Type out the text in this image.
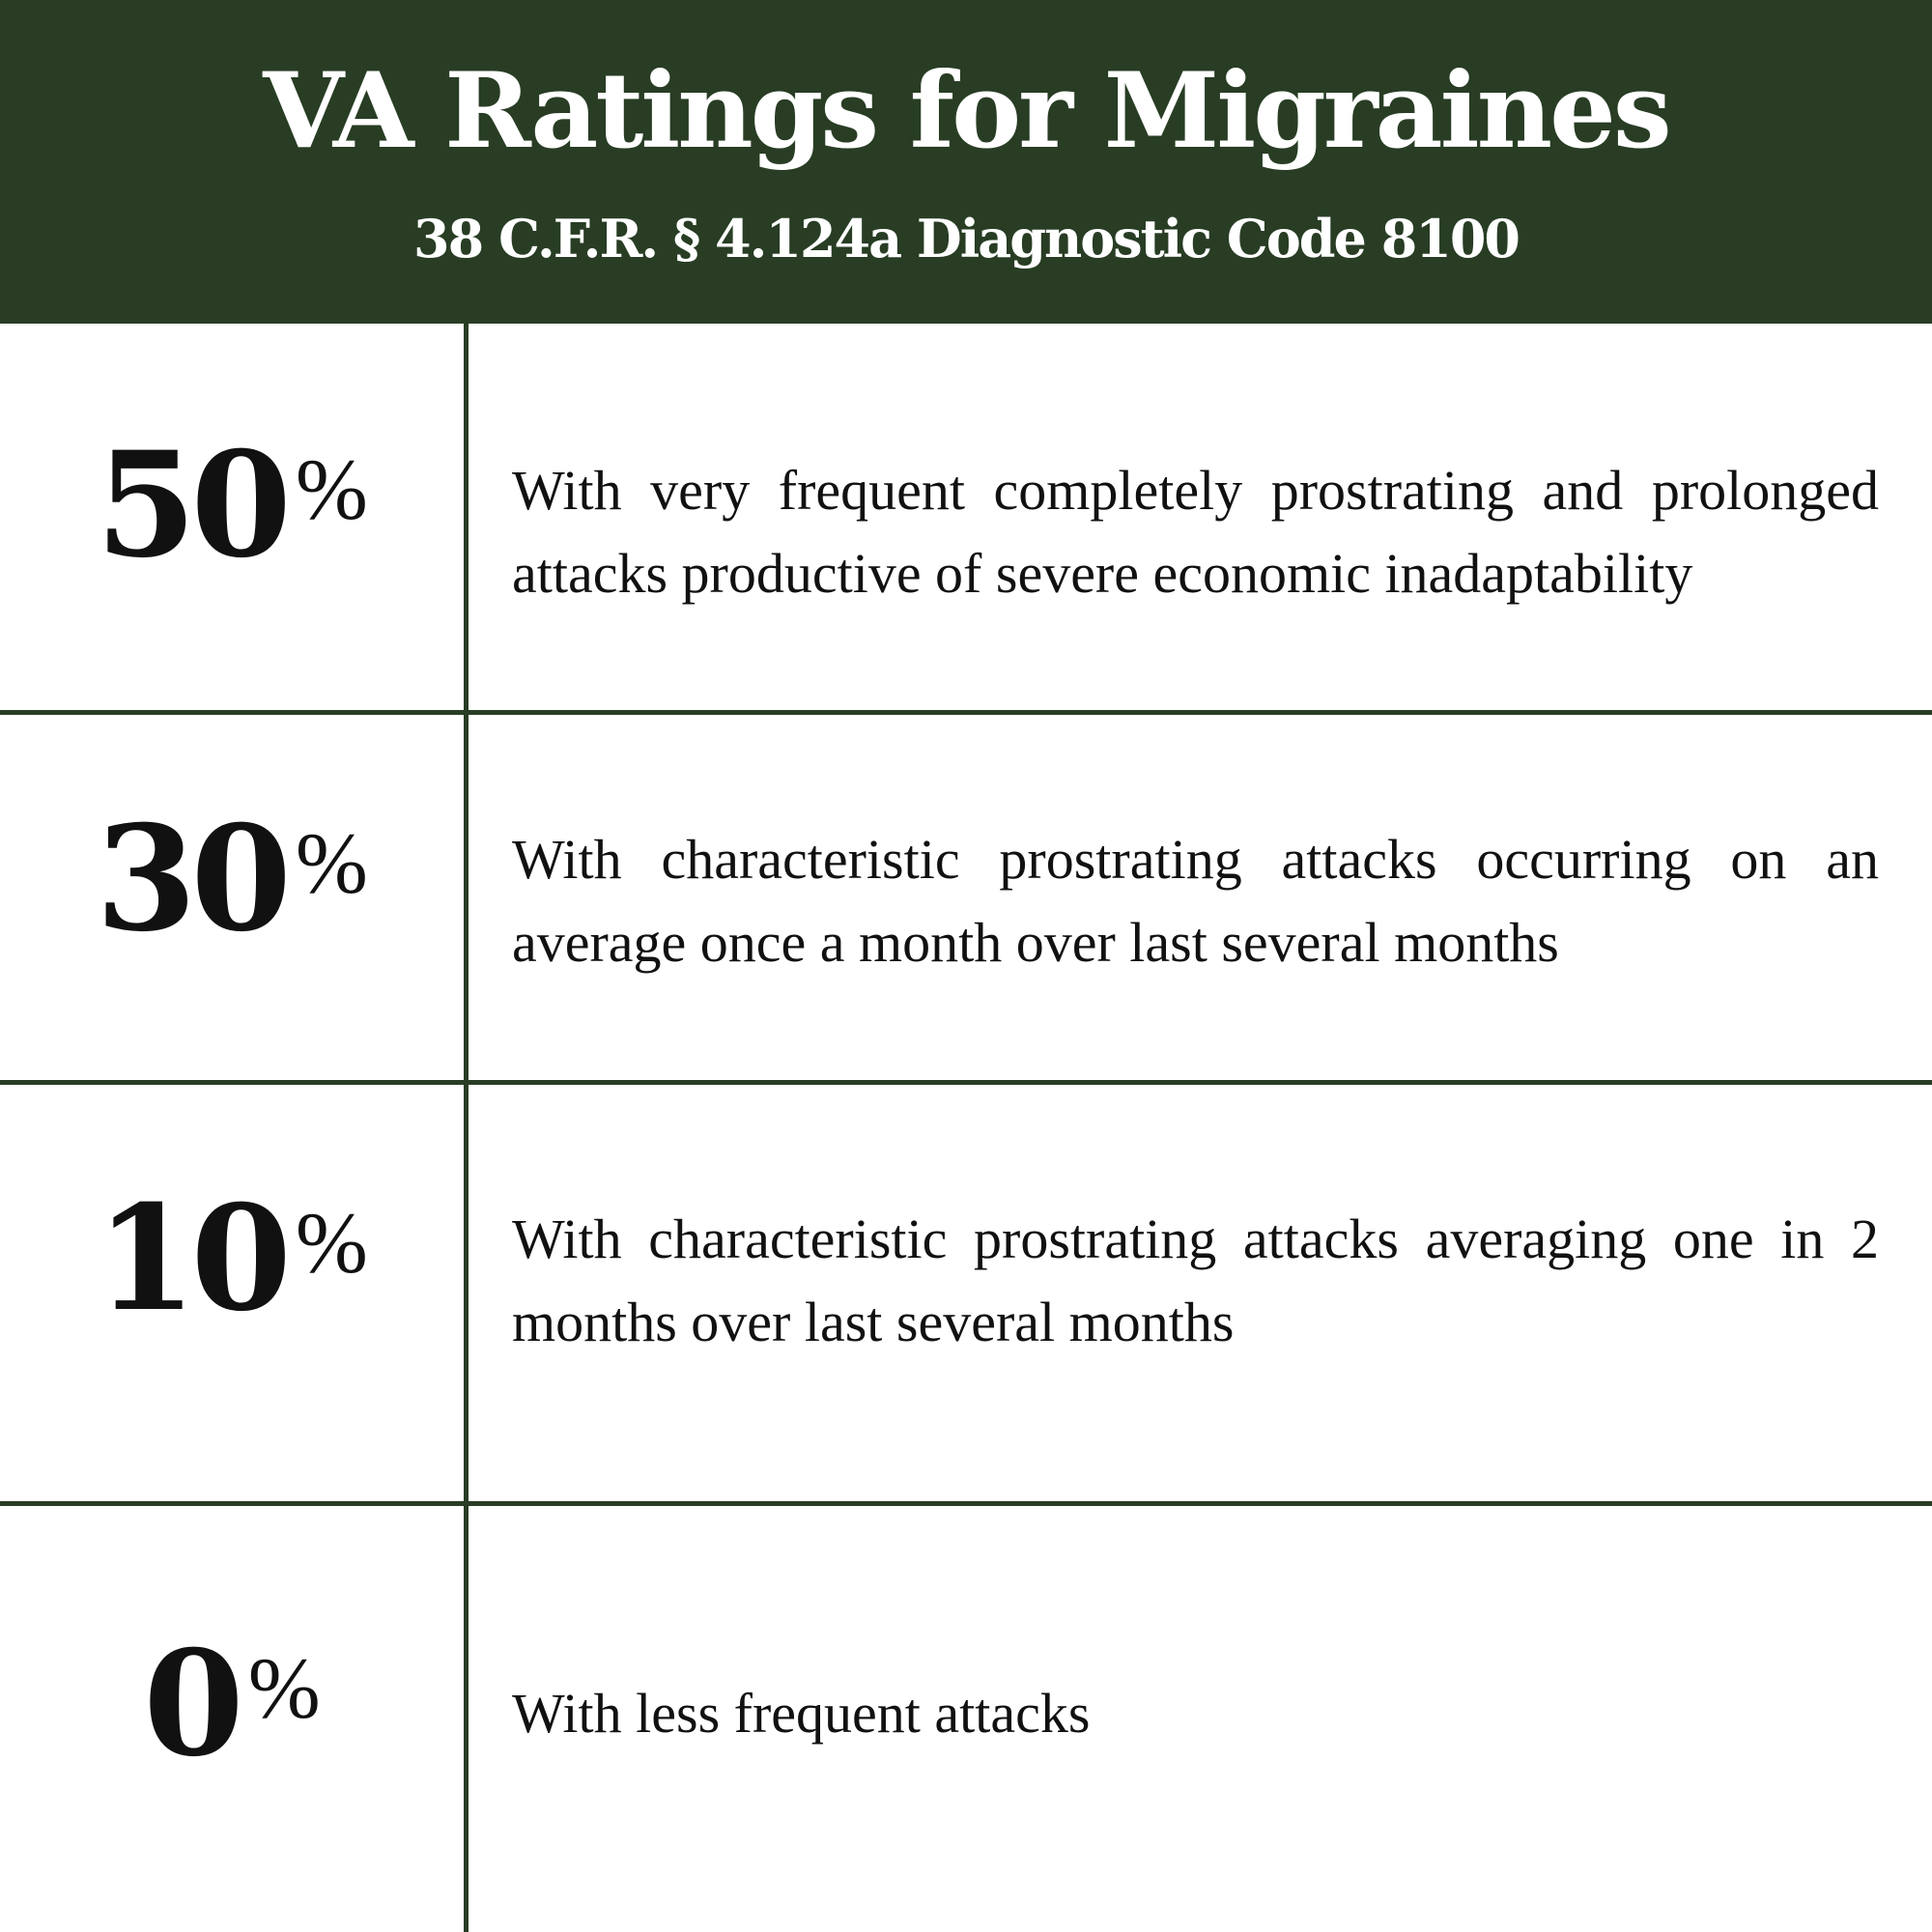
VA Ratings for Migraines
38 C.F.R. § 4.124a Diagnostic Code 8100
50 %	With very frequent completely prostrating and prolonged attacks productive of severe economic inadaptability
30 %	With characteristic prostrating attacks occurring on an average once a month over last several months
10 %	With characteristic prostrating attacks averaging one in 2 months over last several months
0 %	With less frequent attacks
